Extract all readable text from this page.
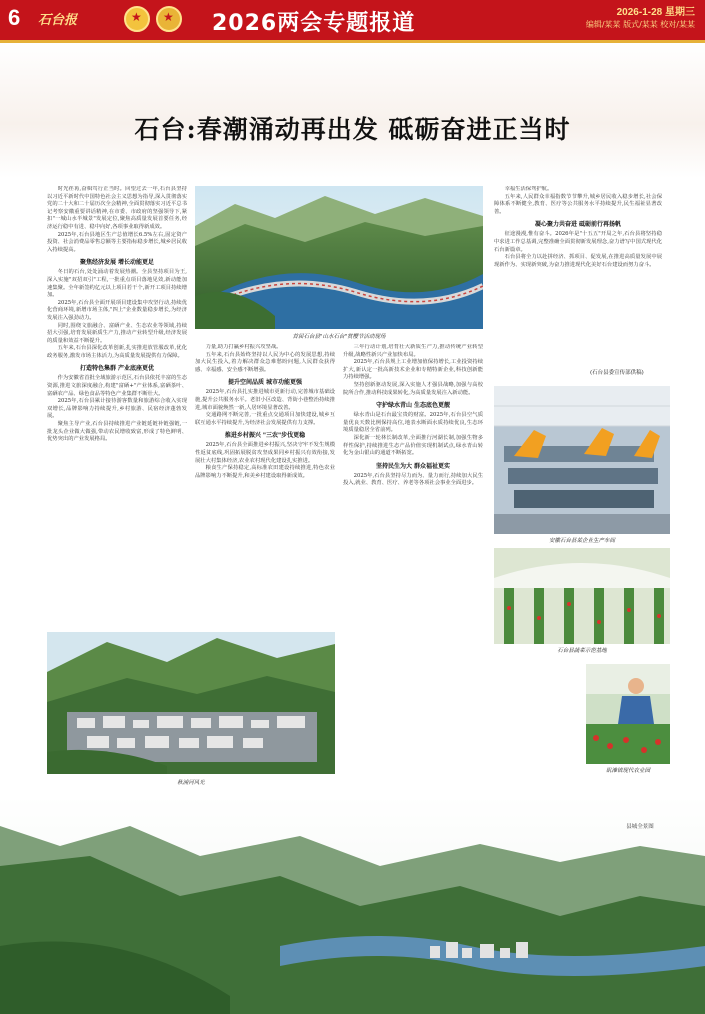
6 石台报 ★ ★	2026两会专题报道	2026-1-28 星期三
编辑/某某 版式/某某 校对/某某
石台:春潮涌动再出发 砥砺奋进正当时
首届石台县"山水石台"赏樱节活动现场

时光荏苒,奋楫笃行正当时。回望过去一年,石台县坚持以习近平新时代中国特色社会主义思想为指导,深入贯彻落实党的二十大和二十届历次全会精神,全面贯彻落实习近平总书记考察安徽重要讲话精神,在市委、市政府的坚强领导下,紧扣"一城山水半城景"发展定位,聚焦高质量发展首要任务,经济运行稳中有进、稳中向好,各项事业取得新成效。

2025年,石台县地区生产总值增长6.5%左右,固定资产投资、社会消费品零售总额等主要指标稳步增长,城乡居民收入持续提高。

聚焦经济发展 增长动能更足

冬日的石台,处处涌动着发展热潮。全县坚持项目为王,深入实施"双招双引"工程,一批重点项目落地见效,新动能加速集聚。全年新签约亿元以上项目若干个,新开工项目持续增加。

2025年,石台县全面开展项目建设集中攻坚行动,持续优化营商环境,新增市场主体,"四上"企业数量稳步增长,为经济发展注入强劲动力。

同时,围绕文旅融合、富硒产业、生态农业等领域,持续招大引强,培育发展新质生产力,推动产业转型升级,经济发展的质量和效益不断提升。

五年来,石台县深化改革创新,扎实推进放管服改革,优化政务服务,激发市场主体活力,为高质量发展提供有力保障。

打造特色集群 产业底座更优

作为安徽省首批全域旅游示范区,石台县依托丰富的生态资源,推进文旅深度融合,构建"富硒+"产业体系,富硒茶叶、富硒农产品、绿色食品等特色产业集群不断壮大。

2025年,石台县累计接待游客数量和旅游综合收入实现双增长,品牌影响力持续提升,乡村旅游、民宿经济蓬勃发展。

聚焦主导产业,石台县持续推进产业链延链补链强链,一批龙头企业做大做强,带动农民增收致富,形成了特色鲜明、优势突出的产业发展格局。

力量,助力打赢乡村振兴攻坚战。

五年来,石台县始终坚持以人民为中心的发展思想,持续加大民生投入,着力解决群众急难愁盼问题,人民群众获得感、幸福感、安全感不断增强。

提升空间品质 城市功能更强

2025年,石台县扎实推进城市更新行动,完善城市基础设施,提升公共服务水平。老旧小区改造、背街小巷整治持续推进,城市面貌焕然一新,人居环境显著改善。

交通路网不断完善,一批重点交通项目加快建设,城乡互联互通水平持续提升,为经济社会发展提供有力支撑。

推进乡村振兴 "三农"步伐更稳

2025年,石台县全面推进乡村振兴,坚决守牢不发生规模性返贫底线,巩固拓展脱贫攻坚成果同乡村振兴有效衔接,发展壮大村集体经济,农业农村现代化建设扎实推进。

粮食生产保持稳定,高标准农田建设持续推进,特色农业品牌影响力不断提升,和美乡村建设取得新成效。

三年行动计划,培育壮大新质生产力,推动传统产业转型升级,战略性新兴产业加快布局。

2025年,石台县规上工业增加值保持增长,工业投资持续扩大,新认定一批高新技术企业和专精特新企业,科技创新能力持续增强。

坚持创新驱动发展,深入实施人才强县战略,加强与高校院所合作,推动科技成果转化,为高质量发展注入新动能。

守护绿水青山 生态底色更靓

绿水青山是石台最宝贵的财富。2025年,石台县空气质量优良天数比例保持高位,地表水断面水质持续优良,生态环境质量稳居全省前列。

深化新一轮林长制改革,全面推行河湖长制,加强生物多样性保护,持续推进生态产品价值实现机制试点,绿水青山转化为金山银山的通道不断拓宽。

坚持民生为大 群众福祉更实

2025年,石台县坚持尽力而为、量力而行,持续加大民生投入,就业、教育、医疗、养老等各项社会事业全面进步。

幸福生活保驾护航。

五年来,人民群众幸福指数节节攀升,城乡居民收入稳步增长,社会保障体系不断健全,教育、医疗等公共服务水平持续提升,民生福祉显著改善。

凝心聚力共奋进 砥砺前行再扬帆

征途漫漫,惟有奋斗。2026年是"十五五"开局之年,石台县将坚持稳中求进工作总基调,完整准确全面贯彻新发展理念,奋力谱写中国式现代化石台新篇章。

石台县将全力以赴拼经济、抓项目、促发展,在推进高质量发展中展现新作为、实现新突破,为奋力推进现代化美好石台建设而努力奋斗。

(石台县委宣传部供稿)
安徽石台县某企业生产车间
石台县蔬菜示范基地
矶滩镇现代农业园
秋浦河风光
县城全景图
